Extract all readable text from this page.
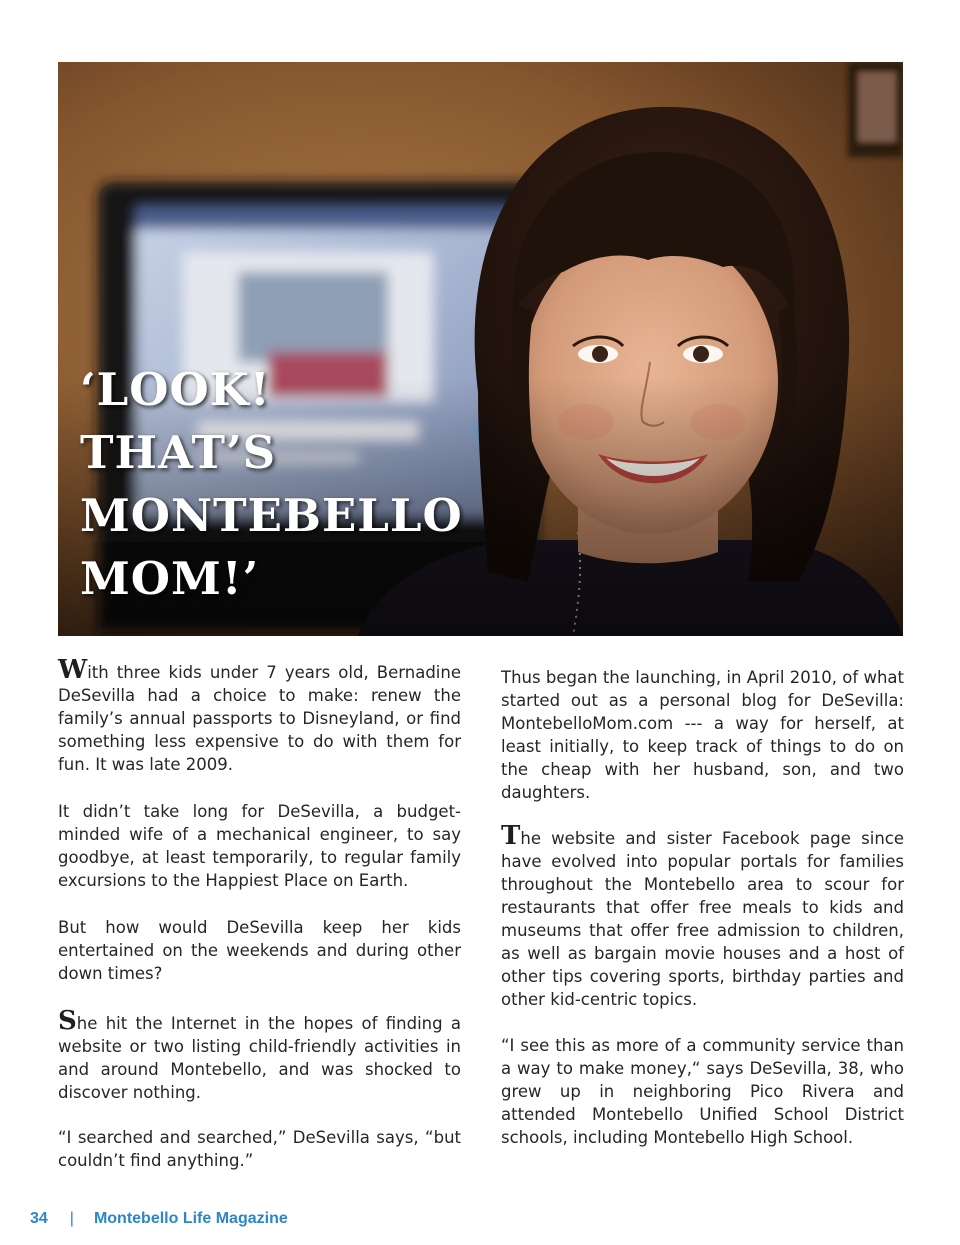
‘LOOK!
THAT’S
MONTEBELLO
MOM!’

With three kids under 7 years old, Bernadine DeSevilla had a choice to make: renew the family’s annual passports to Disneyland, or find something less expensive to do with them for fun. It was late 2009.

It didn’t take long for DeSevilla, a budget-minded wife of a mechanical engineer, to say goodbye, at least temporarily, to regular family excursions to the Happiest Place on Earth.

But how would DeSevilla keep her kids entertained on the weekends and during other down times?

She hit the Internet in the hopes of finding a website or two listing child-friendly activities in and around Montebello, and was shocked to discover nothing.

“I searched and searched,” DeSevilla says, “but couldn’t find anything.”

Thus began the launching, in April 2010, of what started out as a personal blog for DeSevilla: MontebelloMom.com --- a way for herself, at least initially, to keep track of things to do on the cheap with her husband, son, and two daughters.

The website and sister Facebook page since have evolved into popular portals for families throughout the Montebello area to scour for restaurants that offer free meals to kids and museums that offer free admission to children, as well as bargain movie houses and a host of other tips covering sports, birthday parties and other kid-centric topics.

“I see this as more of a community service than a way to make money,“ says DeSevilla, 38, who grew up in neighboring Pico Rivera and attended Montebello Unified School District schools, including Montebello High School.

34 | Montebello Life Magazine
